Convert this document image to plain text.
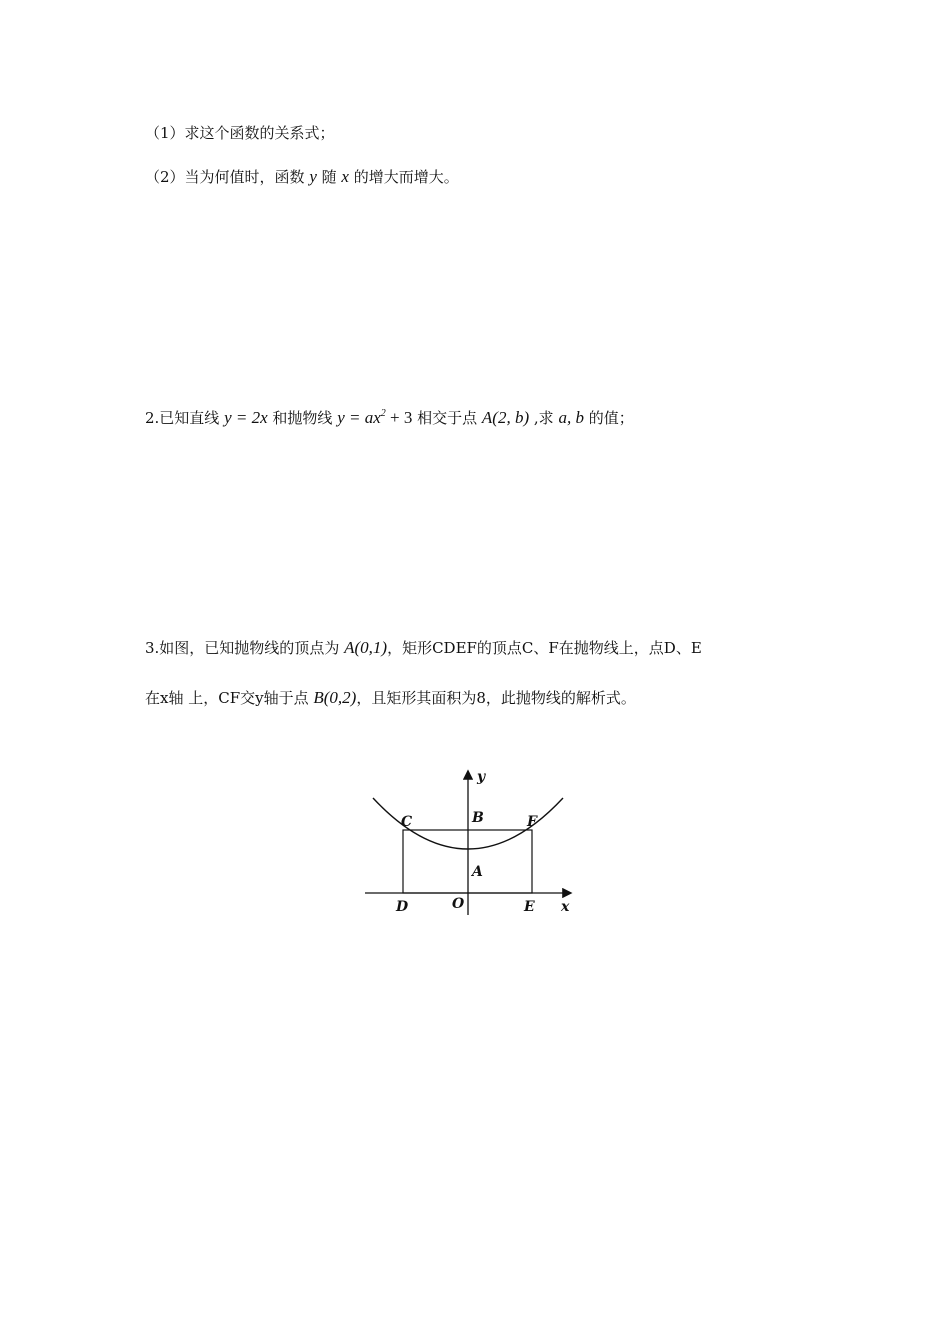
（1）求这个函数的关系式；
（2）当为何值时，函数 y 随 x 的增大而增大。
2.已知直线 y = 2x 和抛物线 $y = ax^2 + 3$ 相交于点 A(2, b) ,求 a, b 的值；
3.如图，已知抛物线的顶点为 A(0,1)，矩形CDEF的顶点C、F在抛物线上，点D、E
在x轴 上，CF交y轴于点 B(0,2)，且矩形其面积为8，此抛物线的解析式。
y
C	B	F
A
D	O	E x
